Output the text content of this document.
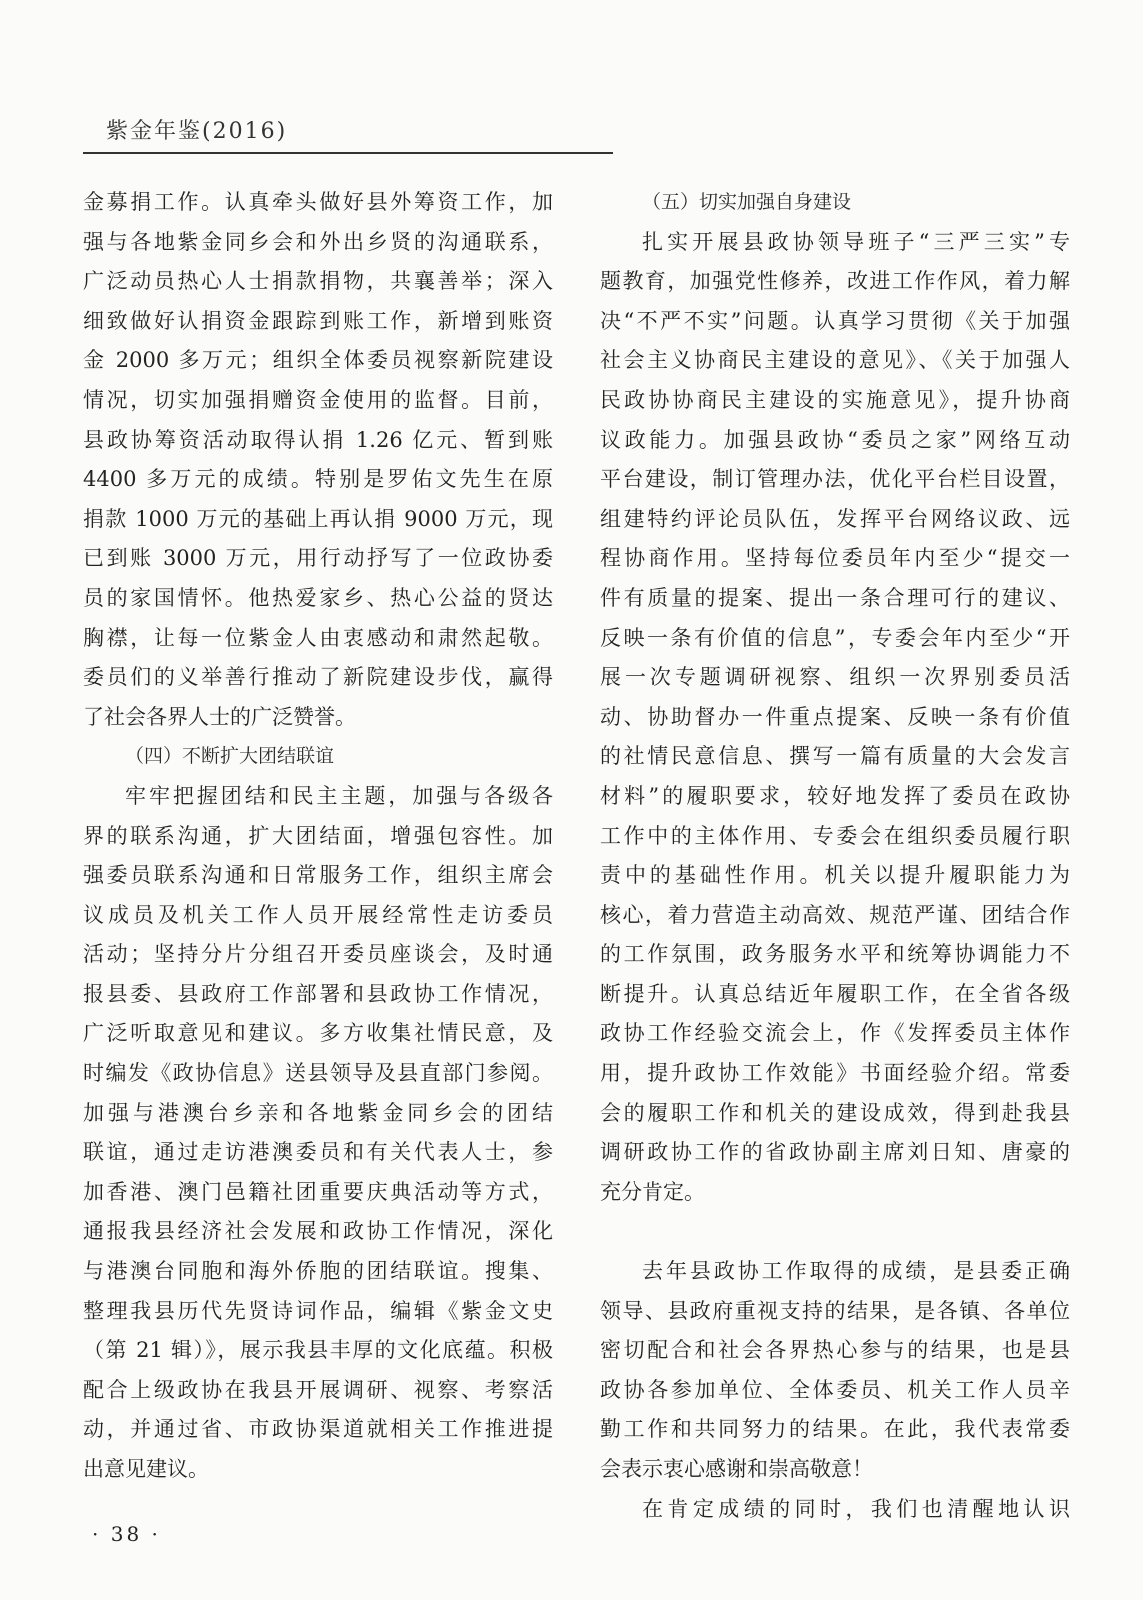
紫金年鉴(2016)
金募捐工作。认真牵头做好县外筹资工作，加
强与各地紫金同乡会和外出乡贤的沟通联系，
广泛动员热心人士捐款捐物，共襄善举；深入
细致做好认捐资金跟踪到账工作，新增到账资
金 2000 多万元；组织全体委员视察新院建设
情况，切实加强捐赠资金使用的监督。目前，
县政协筹资活动取得认捐 1.26 亿元、暂到账
4400 多万元的成绩。特别是罗佑文先生在原
捐款 1000 万元的基础上再认捐 9000 万元，现
已到账 3000 万元，用行动抒写了一位政协委
员的家国情怀。他热爱家乡、热心公益的贤达
胸襟，让每一位紫金人由衷感动和肃然起敬。
委员们的义举善行推动了新院建设步伐，赢得
了社会各界人士的广泛赞誉。
（四）不断扩大团结联谊
牢牢把握团结和民主主题，加强与各级各
界的联系沟通，扩大团结面，增强包容性。加
强委员联系沟通和日常服务工作，组织主席会
议成员及机关工作人员开展经常性走访委员
活动；坚持分片分组召开委员座谈会，及时通
报县委、县政府工作部署和县政协工作情况，
广泛听取意见和建议。多方收集社情民意，及
时编发《政协信息》送县领导及县直部门参阅。
加强与港澳台乡亲和各地紫金同乡会的团结
联谊，通过走访港澳委员和有关代表人士，参
加香港、澳门邑籍社团重要庆典活动等方式，
通报我县经济社会发展和政协工作情况，深化
与港澳台同胞和海外侨胞的团结联谊。搜集、
整理我县历代先贤诗词作品，编辑《紫金文史
（第 21 辑）》，展示我县丰厚的文化底蕴。积极
配合上级政协在我县开展调研、视察、考察活
动，并通过省、市政协渠道就相关工作推进提
出意见建议。
（五）切实加强自身建设
扎实开展县政协领导班子“三严三实”专
题教育，加强党性修养，改进工作作风，着力解
决“不严不实”问题。认真学习贯彻《关于加强
社会主义协商民主建设的意见》、《关于加强人
民政协协商民主建设的实施意见》，提升协商
议政能力。加强县政协“委员之家”网络互动
平台建设，制订管理办法，优化平台栏目设置，
组建特约评论员队伍，发挥平台网络议政、远
程协商作用。坚持每位委员年内至少“提交一
件有质量的提案、提出一条合理可行的建议、
反映一条有价值的信息”，专委会年内至少“开
展一次专题调研视察、组织一次界别委员活
动、协助督办一件重点提案、反映一条有价值
的社情民意信息、撰写一篇有质量的大会发言
材料”的履职要求，较好地发挥了委员在政协
工作中的主体作用、专委会在组织委员履行职
责中的基础性作用。机关以提升履职能力为
核心，着力营造主动高效、规范严谨、团结合作
的工作氛围，政务服务水平和统筹协调能力不
断提升。认真总结近年履职工作，在全省各级
政协工作经验交流会上，作《发挥委员主体作
用，提升政协工作效能》书面经验介绍。常委
会的履职工作和机关的建设成效，得到赴我县
调研政协工作的省政协副主席刘日知、唐豪的
充分肯定。
去年县政协工作取得的成绩，是县委正确
领导、县政府重视支持的结果，是各镇、各单位
密切配合和社会各界热心参与的结果，也是县
政协各参加单位、全体委员、机关工作人员辛
勤工作和共同努力的结果。在此，我代表常委
会表示衷心感谢和崇高敬意！
在肯定成绩的同时，我们也清醒地认识
· 38 ·
